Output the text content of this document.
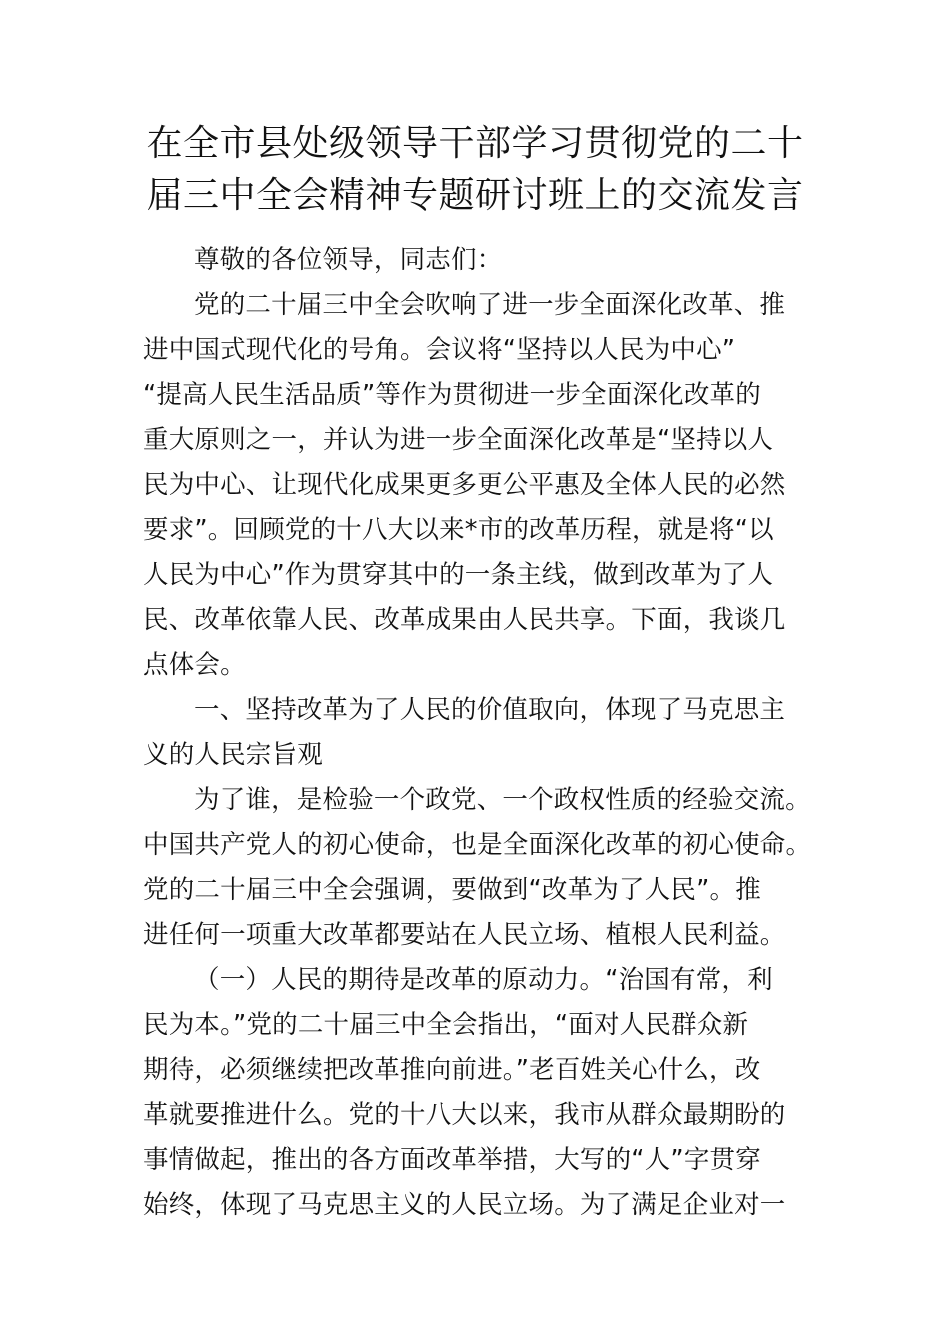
在全市县处级领导干部学习贯彻党的二十
届三中全会精神专题研讨班上的交流发言
尊敬的各位领导，同志们：
党的二十届三中全会吹响了进一步全面深化改革、推
进中国式现代化的号角。会议将“坚持以人民为中心”
“提高人民生活品质”等作为贯彻进一步全面深化改革的
重大原则之一，并认为进一步全面深化改革是“坚持以人
民为中心、让现代化成果更多更公平惠及全体人民的必然
要求”。回顾党的十八大以来*市的改革历程，就是将“以
人民为中心”作为贯穿其中的一条主线，做到改革为了人
民、改革依靠人民、改革成果由人民共享。下面，我谈几
点体会。
一、坚持改革为了人民的价值取向，体现了马克思主
义的人民宗旨观
为了谁，是检验一个政党、一个政权性质的经验交流。
中国共产党人的初心使命，也是全面深化改革的初心使命。
党的二十届三中全会强调，要做到“改革为了人民”。推
进任何一项重大改革都要站在人民立场、植根人民利益。
（一）人民的期待是改革的原动力。“治国有常，利
民为本。”党的二十届三中全会指出，“面对人民群众新
期待，必须继续把改革推向前进。”老百姓关心什么，改
革就要推进什么。党的十八大以来，我市从群众最期盼的
事情做起，推出的各方面改革举措，大写的“人”字贯穿
始终，体现了马克思主义的人民立场。为了满足企业对一
